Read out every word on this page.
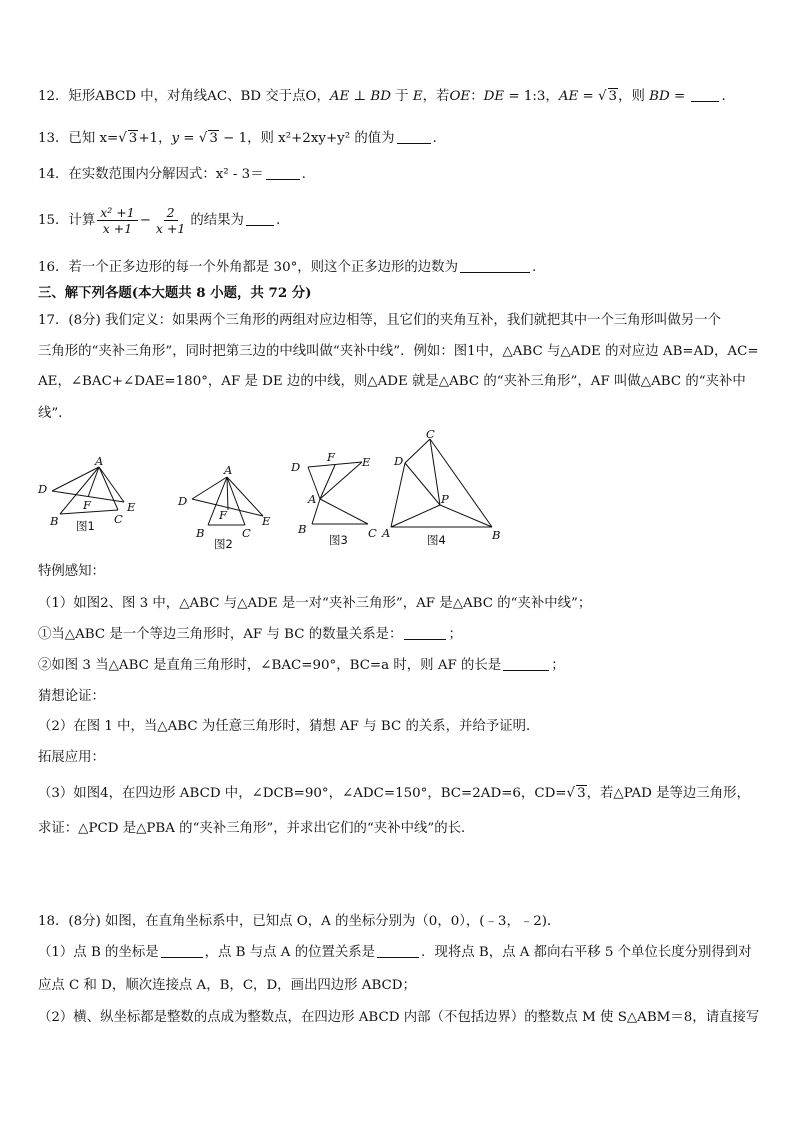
12．矩形ABCD 中，对角线AC、BD 交于点O，AE ⊥ BD 于 E，若OE：DE = 1:3，AE = √ 3，则 BD = .
13．已知 x=√ 3+1，y = √ 3 − 1，则 x²+2xy+y² 的值为	.
14．在实数范围内分解因式：x² - 3＝	.
15．计算 $\frac{\text{x² +1}}{x +1} - \frac{2}{x +1}$ 的结果为 .
16．若一个正多边形的每一个外角都是 30°，则这个正多边形的边数为	.
三、解下列各题(本大题共 8 小题，共 72 分)
17．(8分) 我们定义：如果两个三角形的两组对应边相等，且它们的夹角互补，我们就把其中一个三角形叫做另一个
三角形的“夹补三角形”，同时把第三边的中线叫做“夹补中线”．例如：图1中，△ABC 与△ADE 的对应边 AB=AD，AC=
AE，∠BAC+∠DAE=180°，AF 是 DE 边的中线，则△ADE 就是△ABC 的“夹补三角形”，AF 叫做△ABC 的“夹补中
线”．
A
D
F
B	C
E
图1
A
D
F
B	C
E
图2
D
F E
A
B	C
图3
C
D
P
A	B
图4
特例感知：
（1）如图2、图 3 中，△ABC 与△ADE 是一对“夹补三角形”，AF 是△ABC 的“夹补中线”；
①当△ABC 是一个等边三角形时，AF 与 BC 的数量关系是：	；
②如图 3 当△ABC 是直角三角形时，∠BAC=90°，BC=a 时，则 AF 的长是	；
猜想论证：
（2）在图 1 中，当△ABC 为任意三角形时，猜想 AF 与 BC 的关系，并给予证明．
拓展应用：
（3）如图4，在四边形 ABCD 中，∠DCB=90°，∠ADC=150°，BC=2AD=6，CD=√ 3，若△PAD 是等边三角形，
求证：△PCD 是△PBA 的“夹补三角形”，并求出它们的“夹补中线”的长．
18．(8分) 如图，在直角坐标系中，已知点 O，A 的坐标分别为（0，0），(﹣3，﹣2)．
（1）点 B 的坐标是	，点 B 与点 A 的位置关系是	．现将点 B，点 A 都向右平移 5 个单位长度分别得到对
应点 C 和 D，顺次连接点 A，B，C，D，画出四边形 ABCD；
（2）横、纵坐标都是整数的点成为整数点，在四边形 ABCD 内部（不包括边界）的整数点 M 使 S△ABM＝8，请直接写
